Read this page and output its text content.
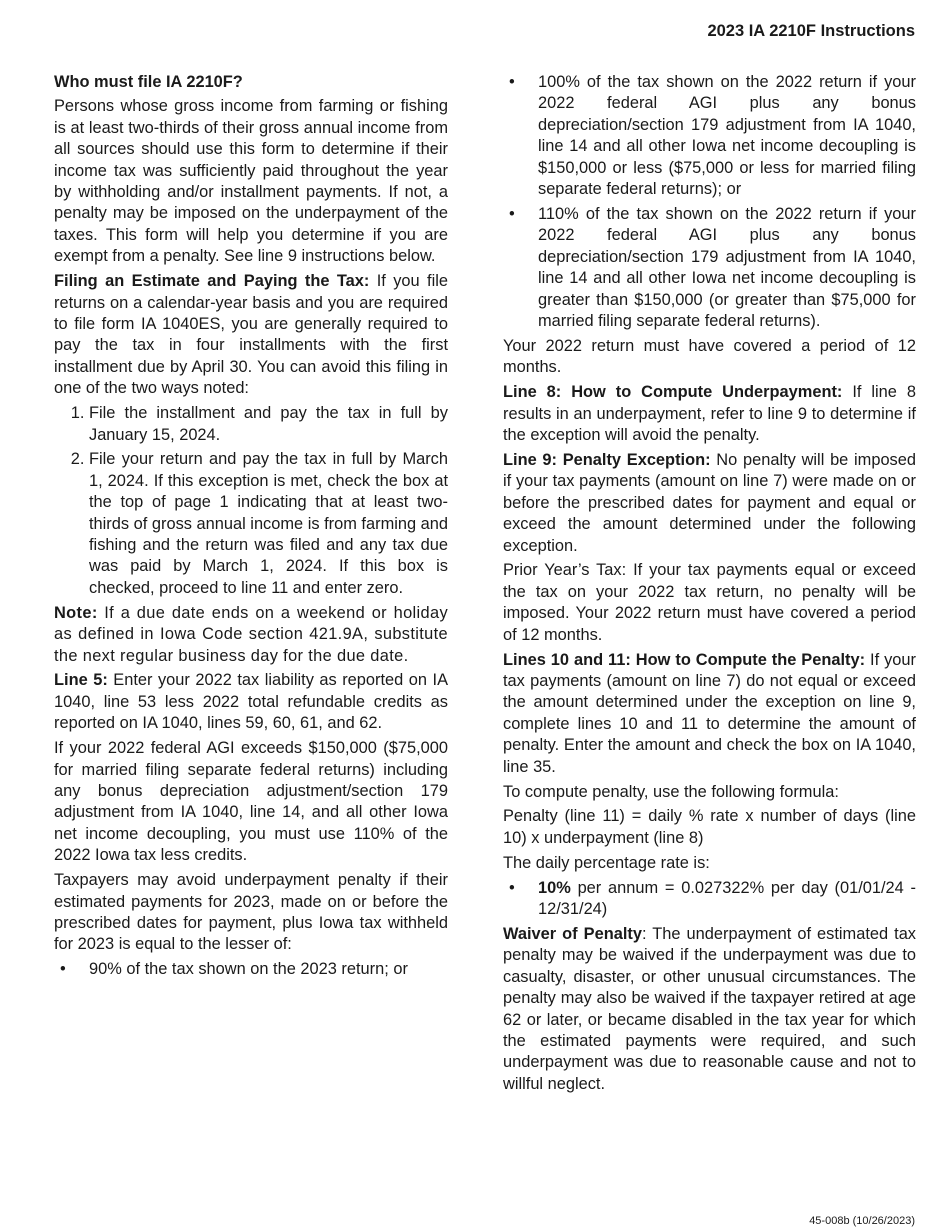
2023 IA 2210F Instructions
Who must file IA 2210F?

Persons whose gross income from farming or fishing is at least two-thirds of their gross annual income from all sources should use this form to determine if their income tax was sufficiently paid throughout the year by withholding and/or installment payments. If not, a penalty may be imposed on the underpayment of the taxes. This form will help you determine if you are exempt from a penalty. See line 9 instructions below.

Filing an Estimate and Paying the Tax: If you file returns on a calendar-year basis and you are required to file form IA 1040ES, you are generally required to pay the tax in four installments with the first installment due by April 30. You can avoid this filing in one of the two ways noted:

1. File the installment and pay the tax in full by January 15, 2024.
2. File your return and pay the tax in full by March 1, 2024. If this exception is met, check the box at the top of page 1 indicating that at least two-thirds of gross annual income is from farming and fishing and the return was filed and any tax due was paid by March 1, 2024. If this box is checked, proceed to line 11 and enter zero.

Note: If a due date ends on a weekend or holiday as defined in Iowa Code section 421.9A, substitute the next regular business day for the due date.

Line 5: Enter your 2022 tax liability as reported on IA 1040, line 53 less 2022 total refundable credits as reported on IA 1040, lines 59, 60, 61, and 62.

If your 2022 federal AGI exceeds $150,000 ($75,000 for married filing separate federal returns) including any bonus depreciation adjustment/section 179 adjustment from IA 1040, line 14, and all other Iowa net income decoupling, you must use 110% of the 2022 Iowa tax less credits.

Taxpayers may avoid underpayment penalty if their estimated payments for 2023, made on or before the prescribed dates for payment, plus Iowa tax withheld for 2023 is equal to the lesser of:

• 90% of the tax shown on the 2023 return; or
• 100% of the tax shown on the 2022 return if your 2022 federal AGI plus any bonus depreciation/section 179 adjustment from IA 1040, line 14 and all other Iowa net income decoupling is $150,000 or less ($75,000 or less for married filing separate federal returns); or
• 110% of the tax shown on the 2022 return if your 2022 federal AGI plus any bonus depreciation/section 179 adjustment from IA 1040, line 14 and all other Iowa net income decoupling is greater than $150,000 (or greater than $75,000 for married filing separate federal returns).

Your 2022 return must have covered a period of 12 months.

Line 8: How to Compute Underpayment: If line 8 results in an underpayment, refer to line 9 to determine if the exception will avoid the penalty.

Line 9: Penalty Exception: No penalty will be imposed if your tax payments (amount on line 7) were made on or before the prescribed dates for payment and equal or exceed the amount determined under the following exception.

Prior Year’s Tax: If your tax payments equal or exceed the tax on your 2022 tax return, no penalty will be imposed. Your 2022 return must have covered a period of 12 months.

Lines 10 and 11: How to Compute the Penalty: If your tax payments (amount on line 7) do not equal or exceed the amount determined under the exception on line 9, complete lines 10 and 11 to determine the amount of penalty. Enter the amount and check the box on IA 1040, line 35.

To compute penalty, use the following formula:

Penalty (line 11) = daily % rate x number of days (line 10) x underpayment (line 8)

The daily percentage rate is:

• 10% per annum = 0.027322% per day (01/01/24 - 12/31/24)

Waiver of Penalty: The underpayment of estimated tax penalty may be waived if the underpayment was due to casualty, disaster, or other unusual circumstances. The penalty may also be waived if the taxpayer retired at age 62 or later, or became disabled in the tax year for which the estimated payments were required, and such underpayment was due to reasonable cause and not to willful neglect.

45-008b (10/26/2023)
